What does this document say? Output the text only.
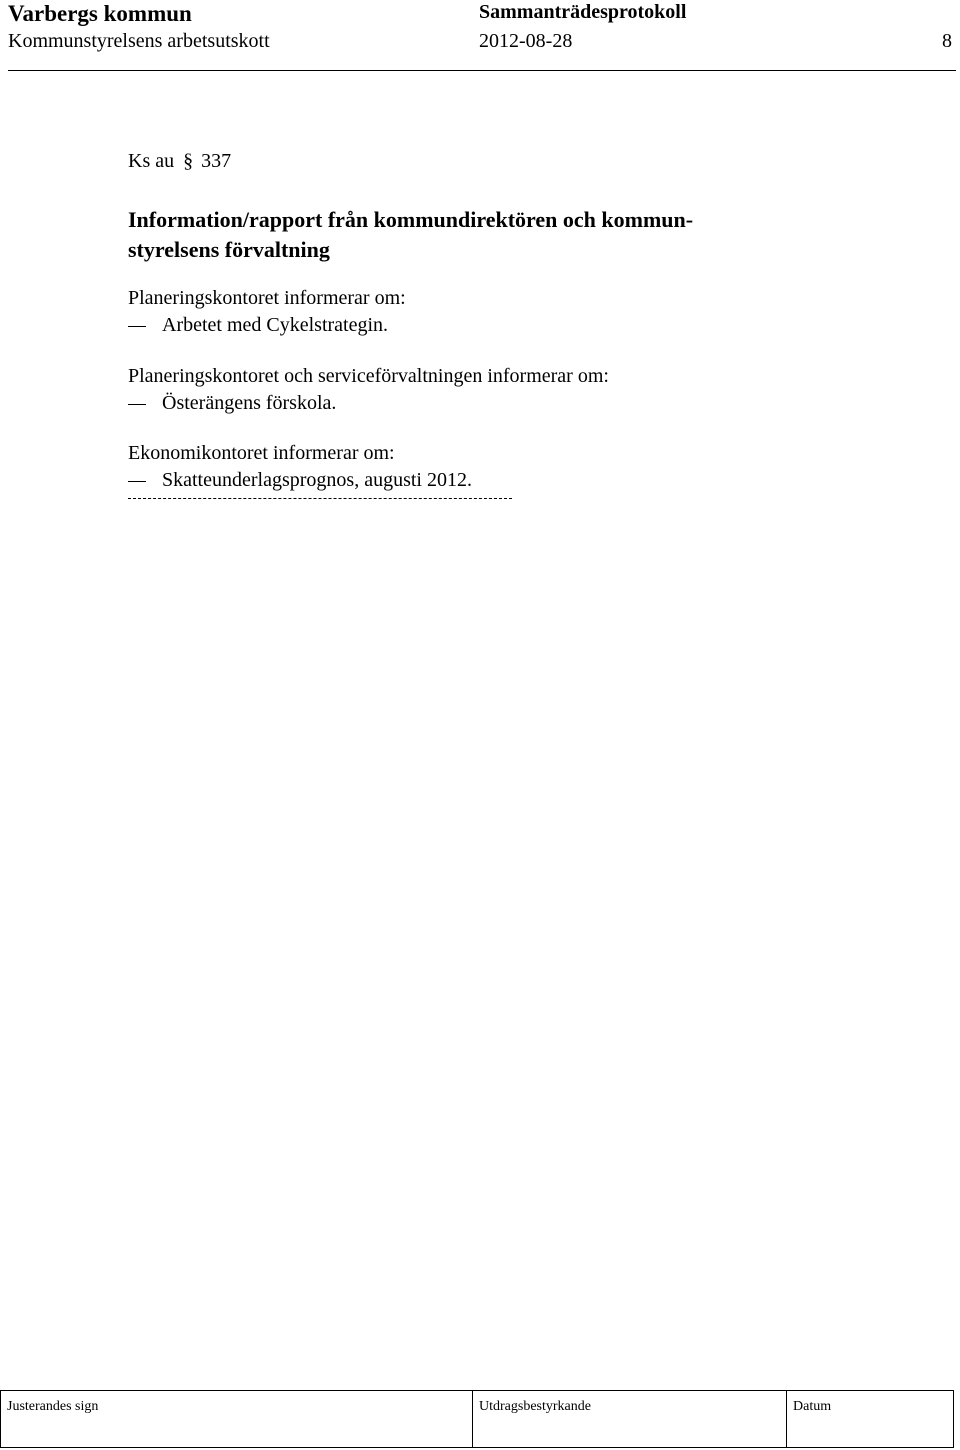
Varbergs kommun	Sammanträdesprotokoll
Kommunstyrelsens arbetsutskott	2012-08-28	8
Ks au § 337
Information/rapport från kommundirektören och kommun-
styrelsens förvaltning
Planeringskontoret informerar om:
Arbetet med Cykelstrategin.
Planeringskontoret och serviceförvaltningen informerar om:
Österängens förskola.
Ekonomikontoret informerar om:
Skatteunderlagsprognos, augusti 2012.
Justerandes sign	Utdragsbestyrkande	Datum
